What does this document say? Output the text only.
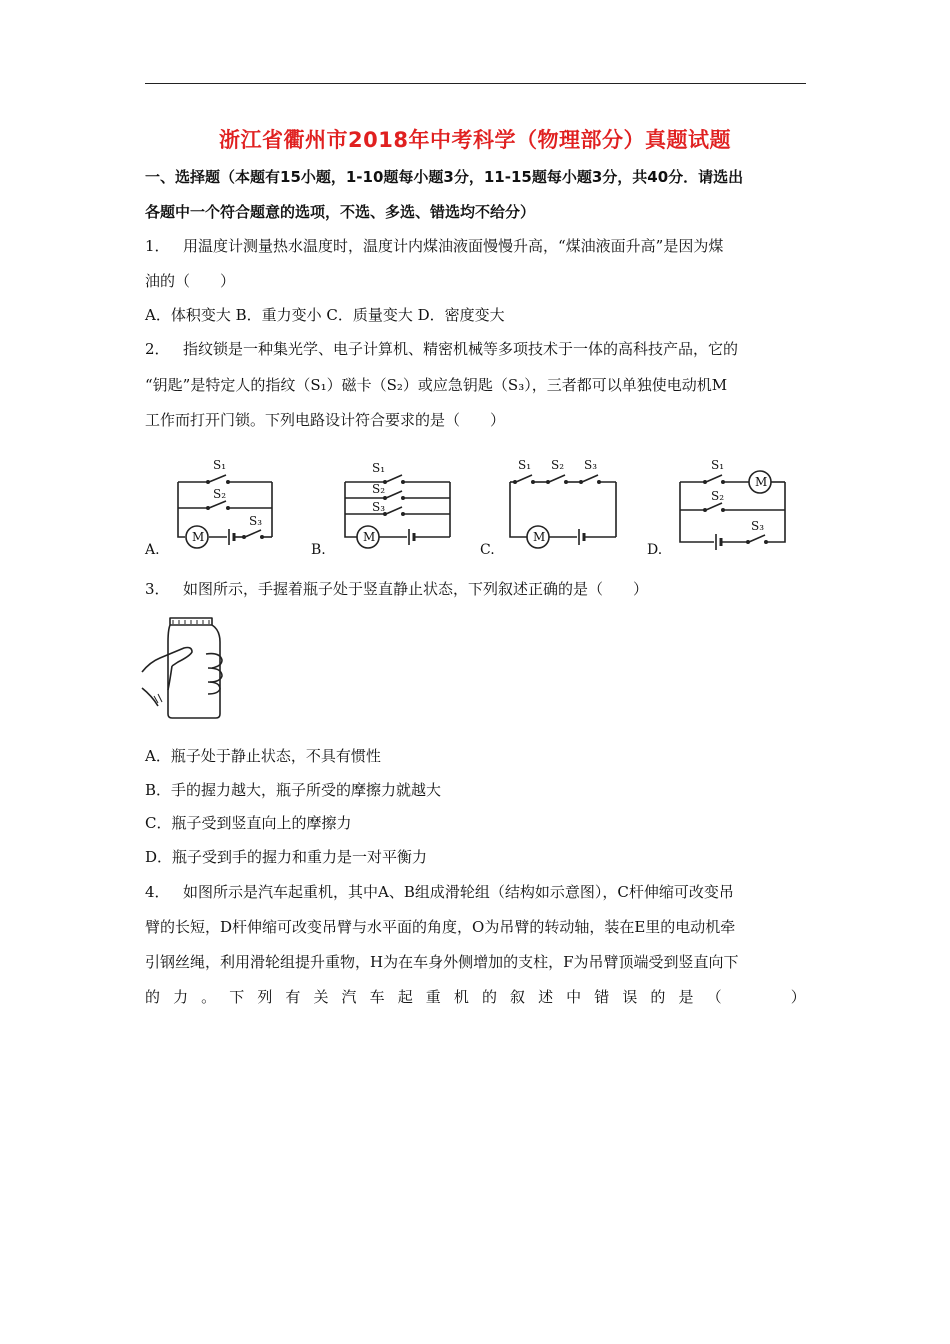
浙江省衢州市2018年中考科学（物理部分）真题试题
一、选择题（本题有15小题，1-10题每小题3分，11-15题每小题3分，共40分．请选出
各题中一个符合题意的选项，不选、多选、错选均不给分）
1． 用温度计测量热水温度时，温度计内煤油液面慢慢升高，“煤油液面升高”是因为煤
油的（　　）
A．体积变大 B．重力变小 C．质量变大 D．密度变大
2． 指纹锁是一种集光学、电子计算机、精密机械等多项技术于一体的高科技产品，它的
“钥匙”是特定人的指纹（S₁）磁卡（S₂）或应急钥匙（S₃），三者都可以单独使电动机M
工作而打开门锁。下列电路设计符合要求的是（　　）
A.	B.	C.	D.
M
S₁
S₂
S₃
M
S₁
S₂
S₃
M
S₁ S₂ S₃
M
S₁
S₂
S₃
3． 如图所示，手握着瓶子处于竖直静止状态，下列叙述正确的是（　　）
A．瓶子处于静止状态，不具有惯性
B．手的握力越大，瓶子所受的摩擦力就越大
C．瓶子受到竖直向上的摩擦力
D．瓶子受到手的握力和重力是一对平衡力
4． 如图所示是汽车起重机，其中A、B组成滑轮组（结构如示意图），C杆伸缩可改变吊
臂的长短，D杆伸缩可改变吊臂与水平面的角度，O为吊臂的转动轴，装在E里的电动机牵
引钢丝绳，利用滑轮组提升重物，H为在车身外侧增加的支柱，F为吊臂顶端受到竖直向下
的 力 。 下 列 有 关 汽 车 起 重 机 的 叙 述 中 错 误 的 是 （

　	）
